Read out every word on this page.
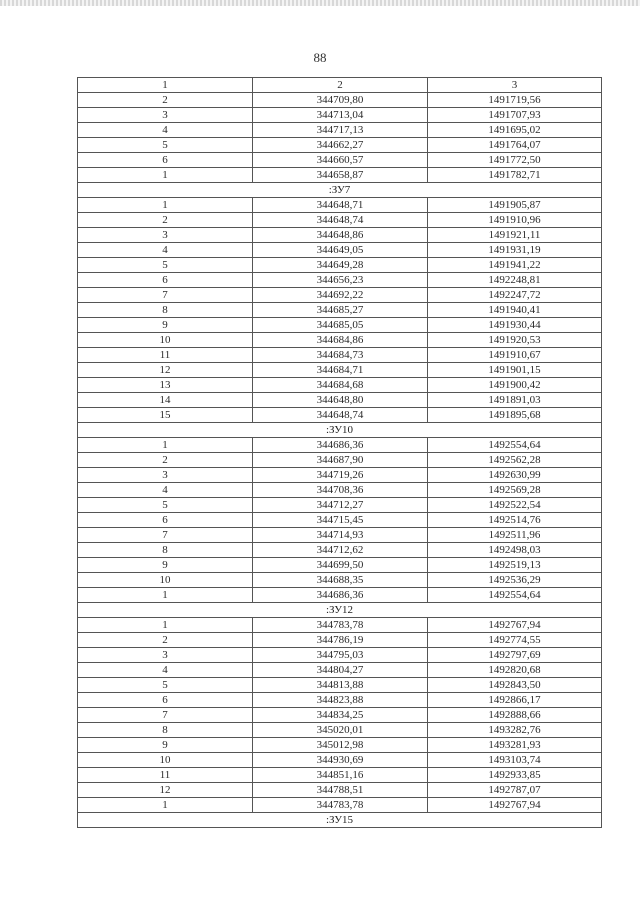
88
1	2	3
2	344709,80	1491719,56
3	344713,04	1491707,93
4	344717,13	1491695,02
5	344662,27	1491764,07
6	344660,57	1491772,50
1	344658,87	1491782,71
:ЗУ7		
1	344648,71	1491905,87
2	344648,74	1491910,96
3	344648,86	1491921,11
4	344649,05	1491931,19
5	344649,28	1491941,22
6	344656,23	1492248,81
7	344692,22	1492247,72
8	344685,27	1491940,41
9	344685,05	1491930,44
10	344684,86	1491920,53
11	344684,73	1491910,67
12	344684,71	1491901,15
13	344684,68	1491900,42
14	344648,80	1491891,03
15	344648,74	1491895,68
:ЗУ10		
1	344686,36	1492554,64
2	344687,90	1492562,28
3	344719,26	1492630,99
4	344708,36	1492569,28
5	344712,27	1492522,54
6	344715,45	1492514,76
7	344714,93	1492511,96
8	344712,62	1492498,03
9	344699,50	1492519,13
10	344688,35	1492536,29
1	344686,36	1492554,64
:ЗУ12		
1	344783,78	1492767,94
2	344786,19	1492774,55
3	344795,03	1492797,69
4	344804,27	1492820,68
5	344813,88	1492843,50
6	344823,88	1492866,17
7	344834,25	1492888,66
8	345020,01	1493282,76
9	345012,98	1493281,93
10	344930,69	1493103,74
11	344851,16	1492933,85
12	344788,51	1492787,07
1	344783,78	1492767,94
:ЗУ15		
